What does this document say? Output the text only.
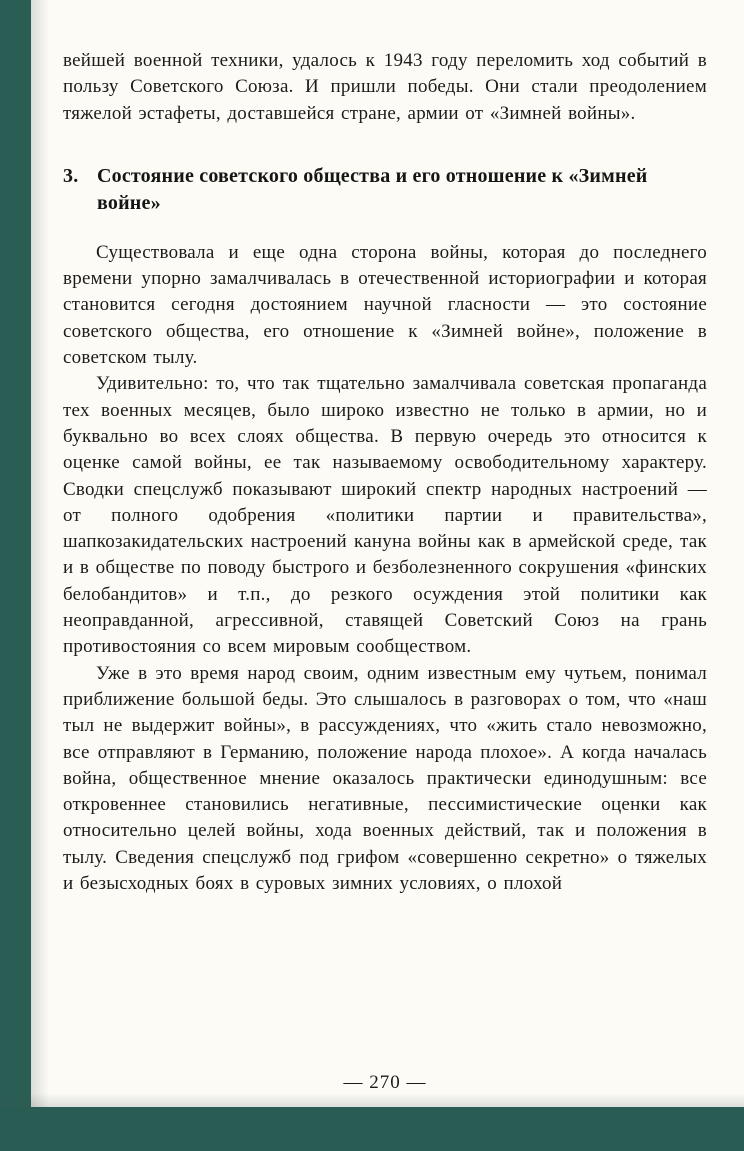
вейшей военной техники, удалось к 1943 году переломить ход событий в пользу Советского Союза. И пришли победы. Они стали преодолением тяжелой эстафеты, доставшейся стране, армии от «Зимней войны».

3. Состояние советского общества и его отношение к «Зимней войне»

Существовала и еще одна сторона войны, которая до последнего времени упорно замалчивалась в отечественной историографии и которая становится сегодня достоянием научной гласности — это состояние советского общества, его отношение к «Зимней войне», положение в советском тылу.

Удивительно: то, что так тщательно замалчивала советская пропаганда тех военных месяцев, было широко известно не только в армии, но и буквально во всех слоях общества. В первую очередь это относится к оценке самой войны, ее так называемому освободительному характеру. Сводки спецслужб показывают широкий спектр народных настроений — от полного одобрения «политики партии и правительства», шапкозакидательских настроений кануна войны как в армейской среде, так и в обществе по поводу быстрого и безболезненного сокрушения «финских белобандитов» и т.п., до резкого осуждения этой политики как неоправданной, агрессивной, ставящей Советский Союз на грань противостояния со всем мировым сообществом.

Уже в это время народ своим, одним известным ему чутьем, понимал приближение большой беды. Это слышалось в разговорах о том, что «наш тыл не выдержит войны», в рассуждениях, что «жить стало невозможно, все отправляют в Германию, положение народа плохое». А когда началась война, общественное мнение оказалось практически единодушным: все откровеннее становились негативные, пессимистические оценки как относительно целей войны, хода военных действий, так и положения в тылу. Сведения спецслужб под грифом «совершенно секретно» о тяжелых и безысходных боях в суровых зимних условиях, о плохой

— 270 —
